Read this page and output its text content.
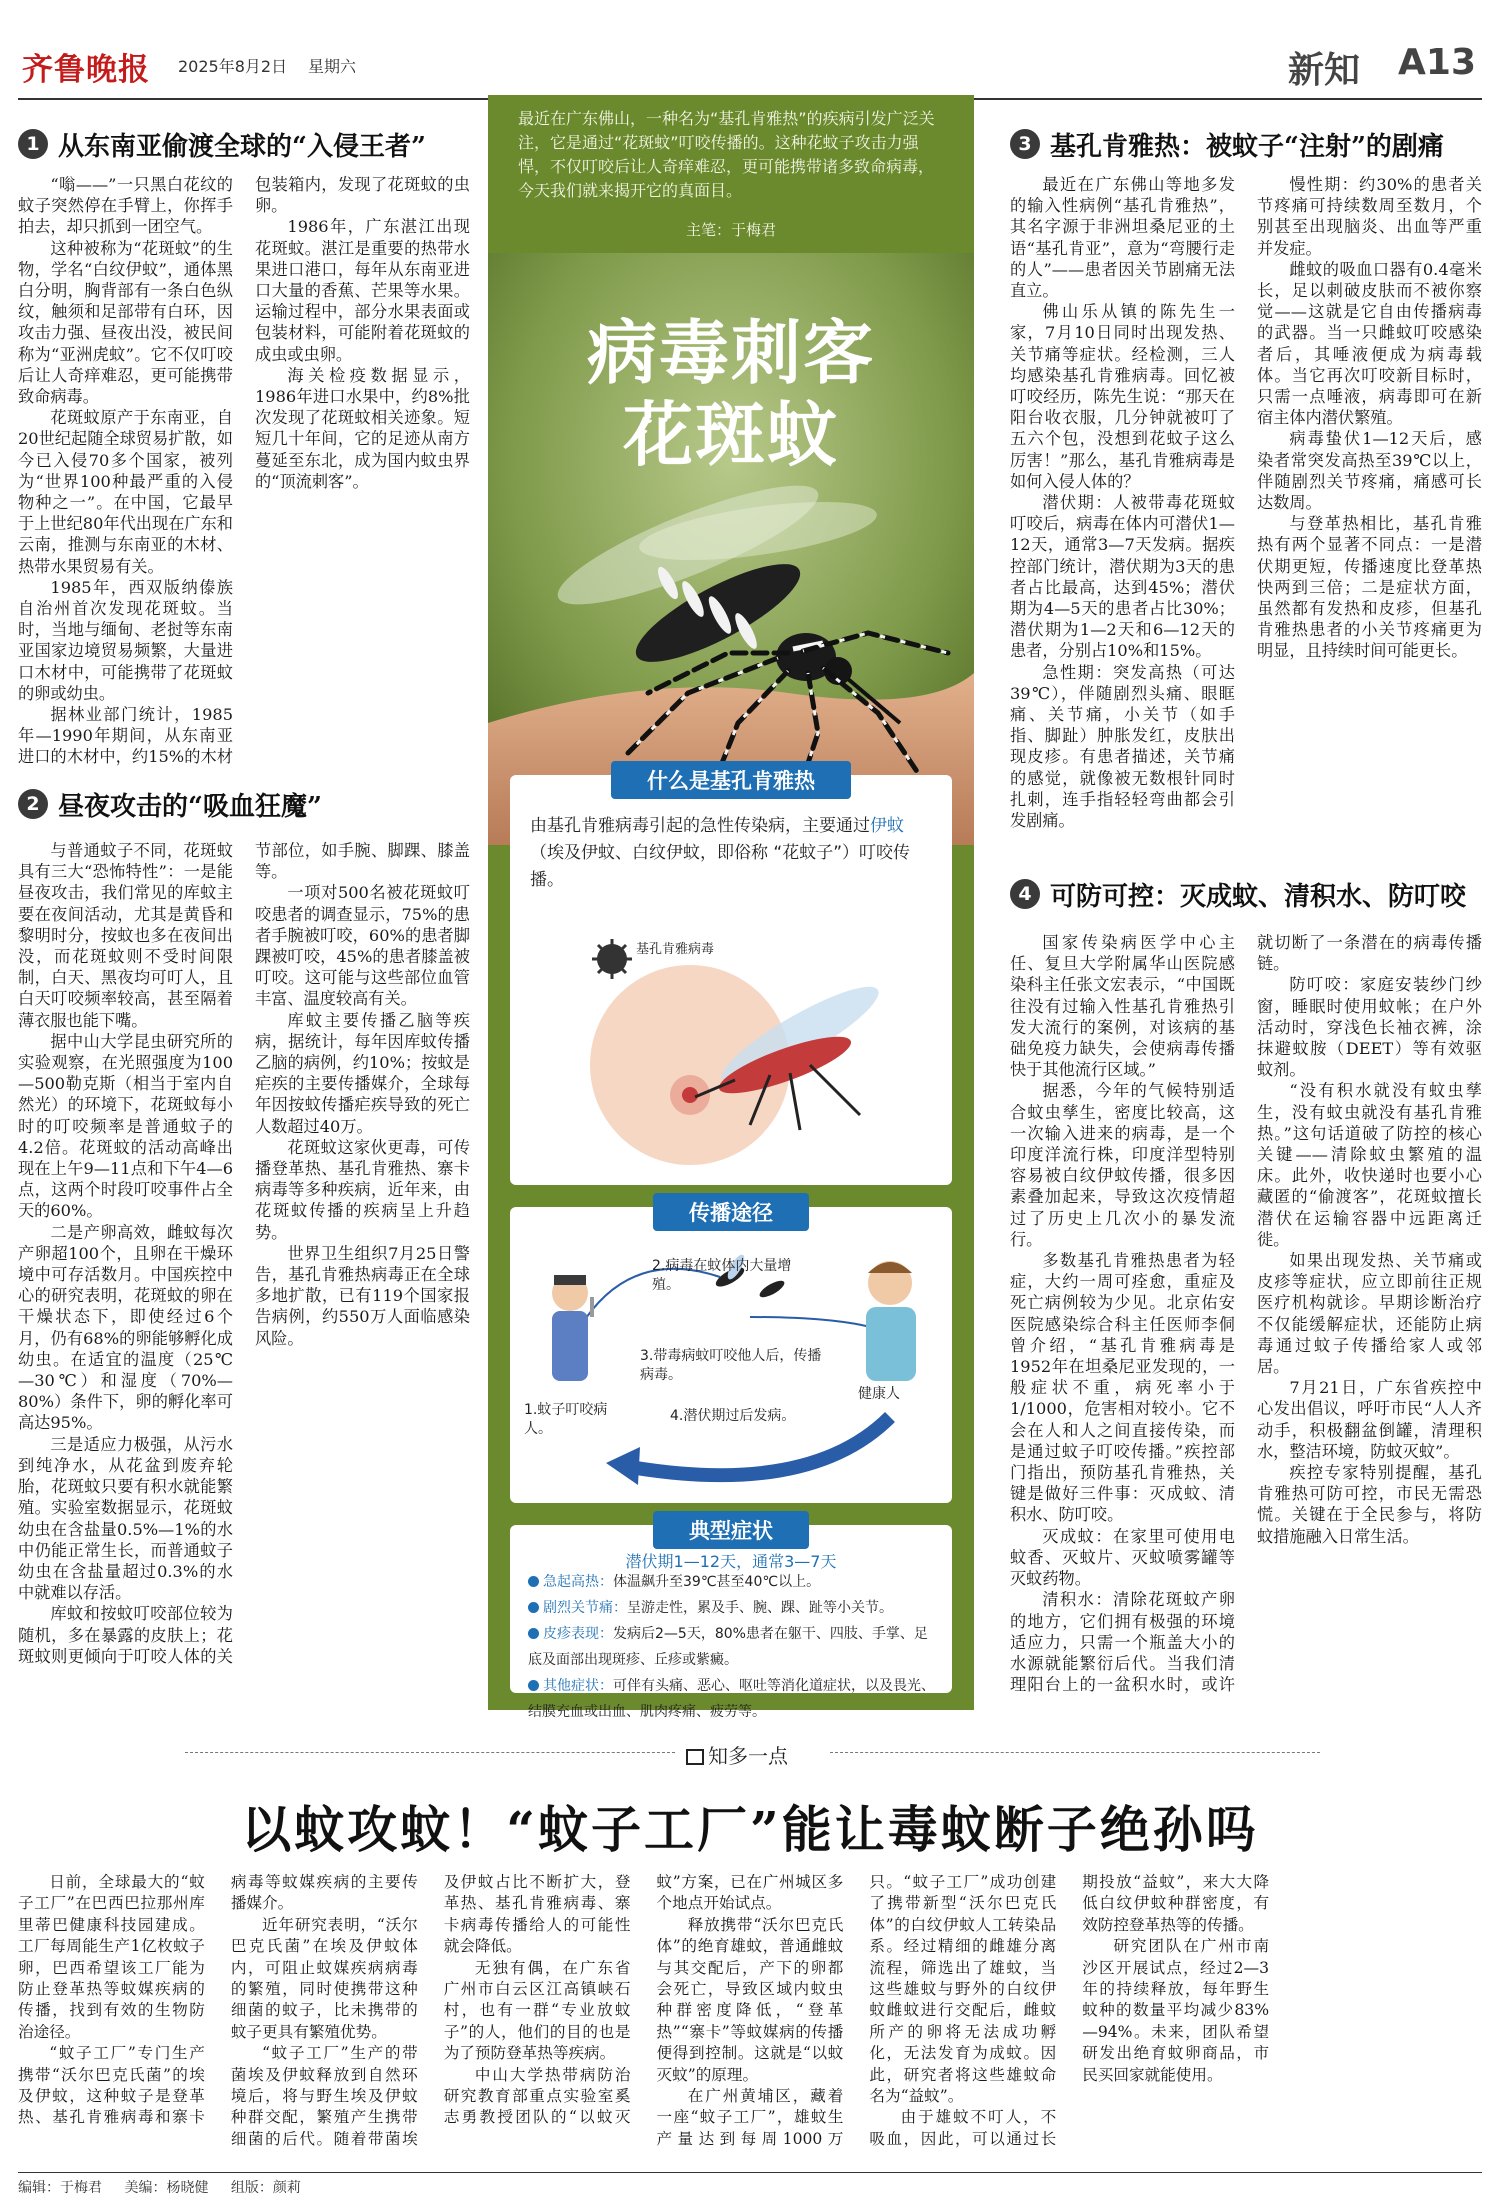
齐鲁晚报 2025年8月2日 星期六	新知 A13
1 从东南亚偷渡全球的“入侵王者”

“嗡——”一只黑白花纹的蚊子突然停在手臂上，你挥手拍去，却只抓到一团空气。

这种被称为“花斑蚊”的生物，学名“白纹伊蚊”，通体黑白分明，胸背部有一条白色纵纹，触须和足部带有白环，因攻击力强、昼夜出没，被民间称为“亚洲虎蚊”。它不仅叮咬后让人奇痒难忍，更可能携带致命病毒。

花斑蚊原产于东南亚，自20世纪起随全球贸易扩散，如今已入侵70多个国家，被列为“世界100种最严重的入侵物种之一”。在中国，它最早于上世纪80年代出现在广东和云南，推测与东南亚的木材、热带水果贸易有关。

1985年，西双版纳傣族自治州首次发现花斑蚊。当时，当地与缅甸、老挝等东南亚国家边境贸易频繁，大量进口木材中，可能携带了花斑蚊的卵或幼虫。

据林业部门统计，1985年—1990年期间，从东南亚进口的木材中，约15%的木材包装箱内，发现了花斑蚊的虫卵。

1986年，广东湛江出现花斑蚊。湛江是重要的热带水果进口港口，每年从东南亚进口大量的香蕉、芒果等水果。运输过程中，部分水果表面或包装材料，可能附着花斑蚊的成虫或虫卵。

海关检疫数据显示，1986年进口水果中，约8%批次发现了花斑蚊相关迹象。短短几十年间，它的足迹从南方蔓延至东北，成为国内蚊虫界的“顶流刺客”。

2 昼夜攻击的“吸血狂魔”

与普通蚊子不同，花斑蚊具有三大“恐怖特性”：一是能昼夜攻击，我们常见的库蚊主要在夜间活动，尤其是黄昏和黎明时分，按蚊也多在夜间出没，而花斑蚊则不受时间限制，白天、黑夜均可叮人，且白天叮咬频率较高，甚至隔着薄衣服也能下嘴。

据中山大学昆虫研究所的实验观察，在光照强度为100—500勒克斯（相当于室内自然光）的环境下，花斑蚊每小时的叮咬频率是普通蚊子的4.2倍。花斑蚊的活动高峰出现在上午9—11点和下午4—6点，这两个时段叮咬事件占全天的60%。

二是产卵高效，雌蚊每次产卵超100个，且卵在干燥环境中可存活数月。中国疾控中心的研究表明，花斑蚊的卵在干燥状态下，即使经过6个月，仍有68%的卵能够孵化成幼虫。在适宜的温度（25℃—30℃）和湿度（70%—80%）条件下，卵的孵化率可高达95%。

三是适应力极强，从污水到纯净水，从花盆到废弃轮胎，花斑蚊只要有积水就能繁殖。实验室数据显示，花斑蚊幼虫在含盐量0.5%—1%的水中仍能正常生长，而普通蚊子幼虫在含盐量超过0.3%的水中就难以存活。

库蚊和按蚊叮咬部位较为随机，多在暴露的皮肤上；花斑蚊则更倾向于叮咬人体的关节部位，如手腕、脚踝、膝盖等。

一项对500名被花斑蚊叮咬患者的调查显示，75%的患者手腕被叮咬，60%的患者脚踝被叮咬，45%的患者膝盖被叮咬。这可能与这些部位血管丰富、温度较高有关。

库蚊主要传播乙脑等疾病，据统计，每年因库蚊传播乙脑的病例，约10%；按蚊是疟疾的主要传播媒介，全球每年因按蚊传播疟疾导致的死亡人数超过40万。

花斑蚊这家伙更毒，可传播登革热、基孔肯雅热、寨卡病毒等多种疾病，近年来，由花斑蚊传播的疾病呈上升趋势。

世界卫生组织7月25日警告，基孔肯雅热病毒正在全球多地扩散，已有119个国家报告病例，约550万人面临感染风险。

最近在广东佛山，一种名为“基孔肯雅热”的疾病引发广泛关注，它是通过“花斑蚊”叮咬传播的。这种花蚊子攻击力强悍，不仅叮咬后让人奇痒难忍，更可能携带诸多致命病毒，今天我们就来揭开它的真面目。
主笔：于梅君
病毒刺客
花斑蚊
什么是基孔肯雅热
由基孔肯雅病毒引起的急性传染病，主要通过伊蚊（埃及伊蚊、白纹伊蚊，即俗称 “花蚊子”）叮咬传播。
基孔肯雅病毒
传播途径
2.病毒在蚊体内大量增殖。
3.带毒病蚊叮咬他人后，传播病毒。
1.蚊子叮咬病人。
4.潜伏期过后发病。
健康人
典型症状
潜伏期1—12天，通常3—7天
急起高热：体温飙升至39℃甚至40℃以上。
剧烈关节痛：呈游走性，累及手、腕、踝、趾等小关节。
皮疹表现：发病后2—5天，80%患者在躯干、四肢、手掌、足底及面部出现斑疹、丘疹或紫癜。
其他症状：可伴有头痛、恶心、呕吐等消化道症状，以及畏光、结膜充血或出血、肌肉疼痛、疲劳等。
3 基孔肯雅热：被蚊子“注射”的剧痛

最近在广东佛山等地多发的输入性病例“基孔肯雅热”，其名字源于非洲坦桑尼亚的土语“基孔肯亚”，意为“弯腰行走的人”——患者因关节剧痛无法直立。

佛山乐从镇的陈先生一家，7月10日同时出现发热、关节痛等症状。经检测，三人均感染基孔肯雅病毒。回忆被叮咬经历，陈先生说：“那天在阳台收衣服，几分钟就被叮了五六个包，没想到花蚊子这么厉害！”那么，基孔肯雅病毒是如何入侵人体的？

潜伏期：人被带毒花斑蚊叮咬后，病毒在体内可潜伏1—12天，通常3—7天发病。据疾控部门统计，潜伏期为3天的患者占比最高，达到45%；潜伏期为4—5天的患者占比30%；潜伏期为1—2天和6—12天的患者，分别占10%和15%。

急性期：突发高热（可达39℃），伴随剧烈头痛、眼眶痛、关节痛，小关节（如手指、脚趾）肿胀发红，皮肤出现皮疹。有患者描述，关节痛的感觉，就像被无数根针同时扎刺，连手指轻轻弯曲都会引发剧痛。

慢性期：约30%的患者关节疼痛可持续数周至数月，个别甚至出现脑炎、出血等严重并发症。

雌蚊的吸血口器有0.4毫米长，足以刺破皮肤而不被你察觉——这就是它自由传播病毒的武器。当一只雌蚊叮咬感染者后，其唾液便成为病毒载体。当它再次叮咬新目标时，只需一点唾液，病毒即可在新宿主体内潜伏繁殖。

病毒蛰伏1—12天后，感染者常突发高热至39℃以上，伴随剧烈关节疼痛，痛感可长达数周。

与登革热相比，基孔肯雅热有两个显著不同点：一是潜伏期更短，传播速度比登革热快两到三倍；二是症状方面，虽然都有发热和皮疹，但基孔肯雅热患者的小关节疼痛更为明显，且持续时间可能更长。

4 可防可控：灭成蚊、清积水、防叮咬

国家传染病医学中心主任、复旦大学附属华山医院感染科主任张文宏表示，“中国既往没有过输入性基孔肯雅热引发大流行的案例，对该病的基础免疫力缺失，会使病毒传播快于其他流行区域。”

据悉，今年的气候特别适合蚊虫孳生，密度比较高，这一次输入进来的病毒，是一个印度洋流行株，印度洋型特别容易被白纹伊蚊传播，很多因素叠加起来，导致这次疫情超过了历史上几次小的暴发流行。

多数基孔肯雅热患者为轻症，大约一周可痊愈，重症及死亡病例较为少见。北京佑安医院感染综合科主任医师李侗曾介绍，“基孔肯雅病毒是1952年在坦桑尼亚发现的，一般症状不重，病死率小于1/1000，危害相对较小。它不会在人和人之间直接传染，而是通过蚊子叮咬传播。”疾控部门指出，预防基孔肯雅热，关键是做好三件事：灭成蚊、清积水、防叮咬。

灭成蚊：在家里可使用电蚊香、灭蚊片、灭蚊喷雾罐等灭蚊药物。

清积水：清除花斑蚊产卵的地方，它们拥有极强的环境适应力，只需一个瓶盖大小的水源就能繁衍后代。当我们清理阳台上的一盆积水时，或许就切断了一条潜在的病毒传播链。

防叮咬：家庭安装纱门纱窗，睡眠时使用蚊帐；在户外活动时，穿浅色长袖衣裤，涂抹避蚊胺（DEET）等有效驱蚊剂。

“没有积水就没有蚊虫孳生，没有蚊虫就没有基孔肯雅热。”这句话道破了防控的核心关键——清除蚊虫繁殖的温床。此外，收快递时也要小心藏匿的“偷渡客”，花斑蚊擅长潜伏在运输容器中远距离迁徙。

如果出现发热、关节痛或皮疹等症状，应立即前往正规医疗机构就诊。早期诊断治疗不仅能缓解症状，还能防止病毒通过蚊子传播给家人或邻居。

7月21日，广东省疾控中心发出倡议，呼吁市民“人人齐动手，积极翻盆倒罐，清理积水，整洁环境，防蚊灭蚊”。

疾控专家特别提醒，基孔肯雅热可防可控，市民无需恐慌。关键在于全民参与，将防蚊措施融入日常生活。

知多一点
以蚊攻蚊！“蚊子工厂”能让毒蚊断子绝孙吗

日前，全球最大的“蚊子工厂”在巴西巴拉那州库里蒂巴健康科技园建成。工厂每周能生产1亿枚蚊子卵，巴西希望该工厂能为防止登革热等蚊媒疾病的传播，找到有效的生物防治途径。

“蚊子工厂”专门生产携带“沃尔巴克氏菌”的埃及伊蚊，这种蚊子是登革热、基孔肯雅病毒和寨卡病毒等蚊媒疾病的主要传播媒介。

近年研究表明，“沃尔巴克氏菌”在埃及伊蚊体内，可阻止蚊媒疾病病毒的繁殖，同时使携带这种细菌的蚊子，比未携带的蚊子更具有繁殖优势。

“蚊子工厂”生产的带菌埃及伊蚊释放到自然环境后，将与野生埃及伊蚊种群交配，繁殖产生携带细菌的后代。随着带菌埃及伊蚊占比不断扩大，登革热、基孔肯雅病毒、寨卡病毒传播给人的可能性就会降低。

无独有偶，在广东省广州市白云区江高镇峡石村，也有一群“专业放蚊子”的人，他们的目的也是为了预防登革热等疾病。

中山大学热带病防治研究教育部重点实验室奚志勇教授团队的“以蚊灭蚊”方案，已在广州城区多个地点开始试点。

释放携带“沃尔巴克氏体”的绝育雄蚊，普通雌蚊与其交配后，产下的卵都会死亡，导致区域内蚊虫种群密度降低，“登革热”“寨卡”等蚊媒病的传播便得到控制。这就是“以蚊灭蚊”的原理。

在广州黄埔区，藏着一座“蚊子工厂”，雄蚊生产量达到每周1000万只。“蚊子工厂”成功创建了携带新型“沃尔巴克氏体”的白纹伊蚊人工转染品系。经过精细的雌雄分离流程，筛选出了雄蚊，当这些雄蚊与野外的白纹伊蚊雌蚊进行交配后，雌蚊所产的卵将无法成功孵化，无法发育为成蚊。因此，研究者将这些雄蚊命名为“益蚊”。

由于雄蚊不叮人，不吸血，因此，可以通过长期投放“益蚊”，来大大降低白纹伊蚊种群密度，有效防控登革热等的传播。

研究团队在广州市南沙区开展试点，经过2—3年的持续释放，每年野生蚊种的数量平均减少83%—94%。未来，团队希望研发出绝育蚊卵商品，市民买回家就能使用。

编辑：于梅君 美编：杨晓健 组版：颜莉
